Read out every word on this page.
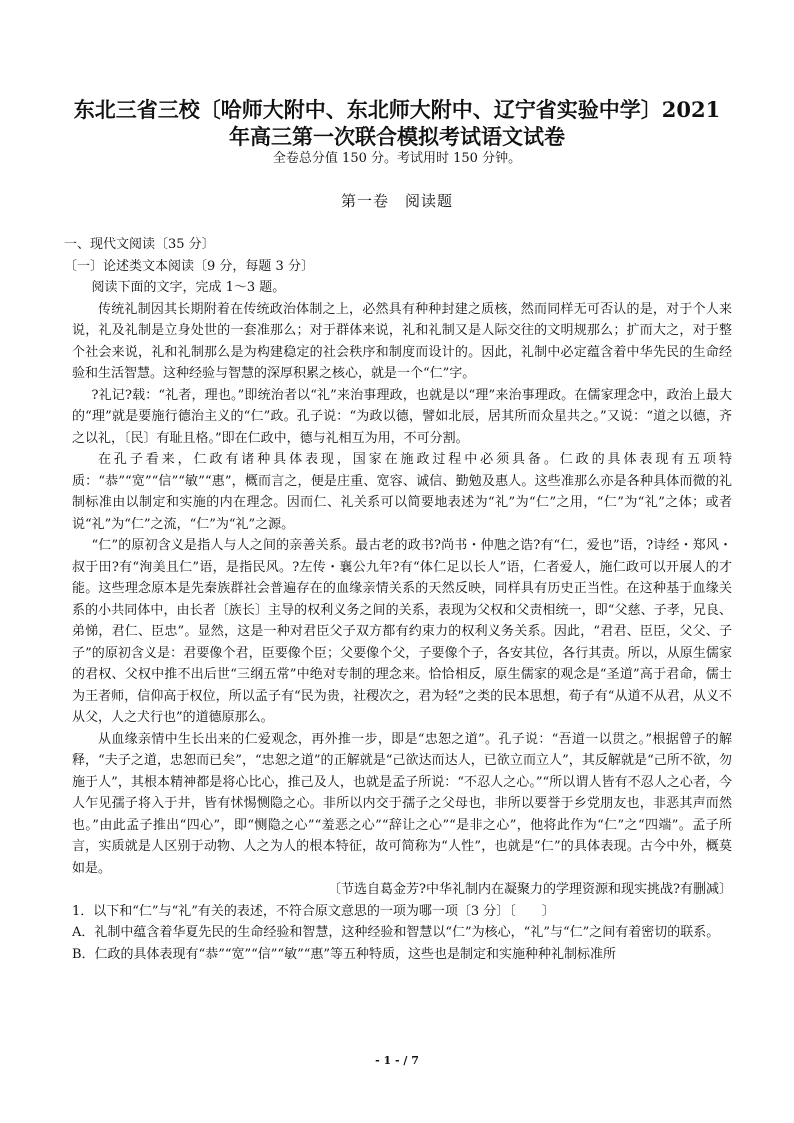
东北三省三校〔哈师大附中、东北师大附中、辽宁省实验中学〕2021
年高三第一次联合模拟考试语文试卷
全卷总分值 150 分。考试用时 150 分钟。
第一卷　阅读题

一、现代文阅读〔35 分〕

〔一〕论述类文本阅读〔9 分，每题 3 分〕

阅读下面的文字，完成 1～3 题。

传统礼制因其长期附着在传统政治体制之上，必然具有种种封建之质核，然而同样无可否认的是，对于个人来说，礼及礼制是立身处世的一套准那么；对于群体来说，礼和礼制又是人际交往的文明规那么；扩而大之，对于整个社会来说，礼和礼制那么是为构建稳定的社会秩序和制度而设计的。因此，礼制中必定蕴含着中华先民的生命经验和生活智慧。这种经验与智慧的深厚积累之核心，就是一个“仁”字。

?礼记?载：“礼者，理也。”即统治者以“礼”来治事理政，也就是以“理”来治事理政。在儒家理念中，政治上最大的“理”就是要施行德治主义的“仁”政。孔子说：“为政以德，譬如北辰，居其所而众星共之。”又说：“道之以德，齐之以礼，〔民〕有耻且格。”即在仁政中，德与礼相互为用，不可分割。

在孔子看来，仁政有诸种具体表现，国家在施政过程中必须具备。仁政的具体表现有五项特质：“恭”“宽”“信”“敏”“惠”，概而言之，便是庄重、宽容、诚信、勤勉及惠人。这些准那么亦是各种具体而微的礼制标准由以制定和实施的内在理念。因而仁、礼关系可以简要地表述为“礼”为“仁”之用，“仁”为“礼”之体；或者说“礼”为“仁”之流，“仁”为“礼”之源。

“仁”的原初含义是指人与人之间的亲善关系。最古老的政书?尚书・仲虺之诰?有“仁，爱也”语，?诗经・郑风・叔于田?有“洵美且仁”语，是指民风。?左传・襄公九年?有“体仁足以长人”语，仁者爱人，施仁政可以开展人的才能。这些理念原本是先秦族群社会普遍存在的血缘亲情关系的天然反映，同样具有历史正当性。在这种基于血缘关系的小共同体中，由长者〔族长〕主导的权利义务之间的关系，表现为父权和父责相统一，即“父慈、子孝，兄良、弟悌，君仁、臣忠”。显然，这是一种对君臣父子双方都有约束力的权利义务关系。因此，“君君、臣臣，父父、子子”的原初含义是：君要像个君，臣要像个臣；父要像个父，子要像个子，各安其位，各行其责。所以，从原生儒家的君权、父权中推不出后世“三纲五常”中绝对专制的理念来。恰恰相反，原生儒家的观念是“圣道”高于君命，儒士为王者师，信仰高于权位，所以孟子有“民为贵，社稷次之，君为轻”之类的民本思想，荀子有“从道不从君，从义不从父，人之犬行也”的道德原那么。

从血缘亲情中生长出来的仁爱观念，再外推一步，即是“忠恕之道”。孔子说：“吾道一以贯之。”根据曾子的解释，“夫子之道，忠恕而已矣”，“忠恕之道”的正解就是“己欲达而达人，已欲立而立人”，其反解就是“己所不欲，勿施于人”，其根本精神都是将心比心，推己及人，也就是孟子所说：“不忍人之心。”“所以谓人皆有不忍人之心者，今人乍见孺子将入于井，皆有怵惕恻隐之心。非所以内交于孺子之父母也，非所以要誉于乡党朋友也，非恶其声而然也。”由此孟子推出“四心”，即“恻隐之心”“羞恶之心”“辞让之心”“是非之心”，他将此作为“仁”之“四端”。孟子所言，实质就是人区别于动物、人之为人的根本特征，故可简称为“人性”，也就是“仁”的具体表现。古今中外，概莫如是。

〔节选自葛金芳?中华礼制内在凝聚力的学理资源和现实挑战?有删减〕

1．以下和“仁”与“礼”有关的表述，不符合原文意思的一项为哪一项〔3 分〕〔　　〕

A．礼制中蕴含着华夏先民的生命经验和智慧，这种经验和智慧以“仁”为核心，“礼”与“仁”之间有着密切的联系。

B．仁政的具体表现有“恭”“宽”“信”“敏”“惠”等五种特质，这些也是制定和实施种种礼制标准所

- 1 - / 7
